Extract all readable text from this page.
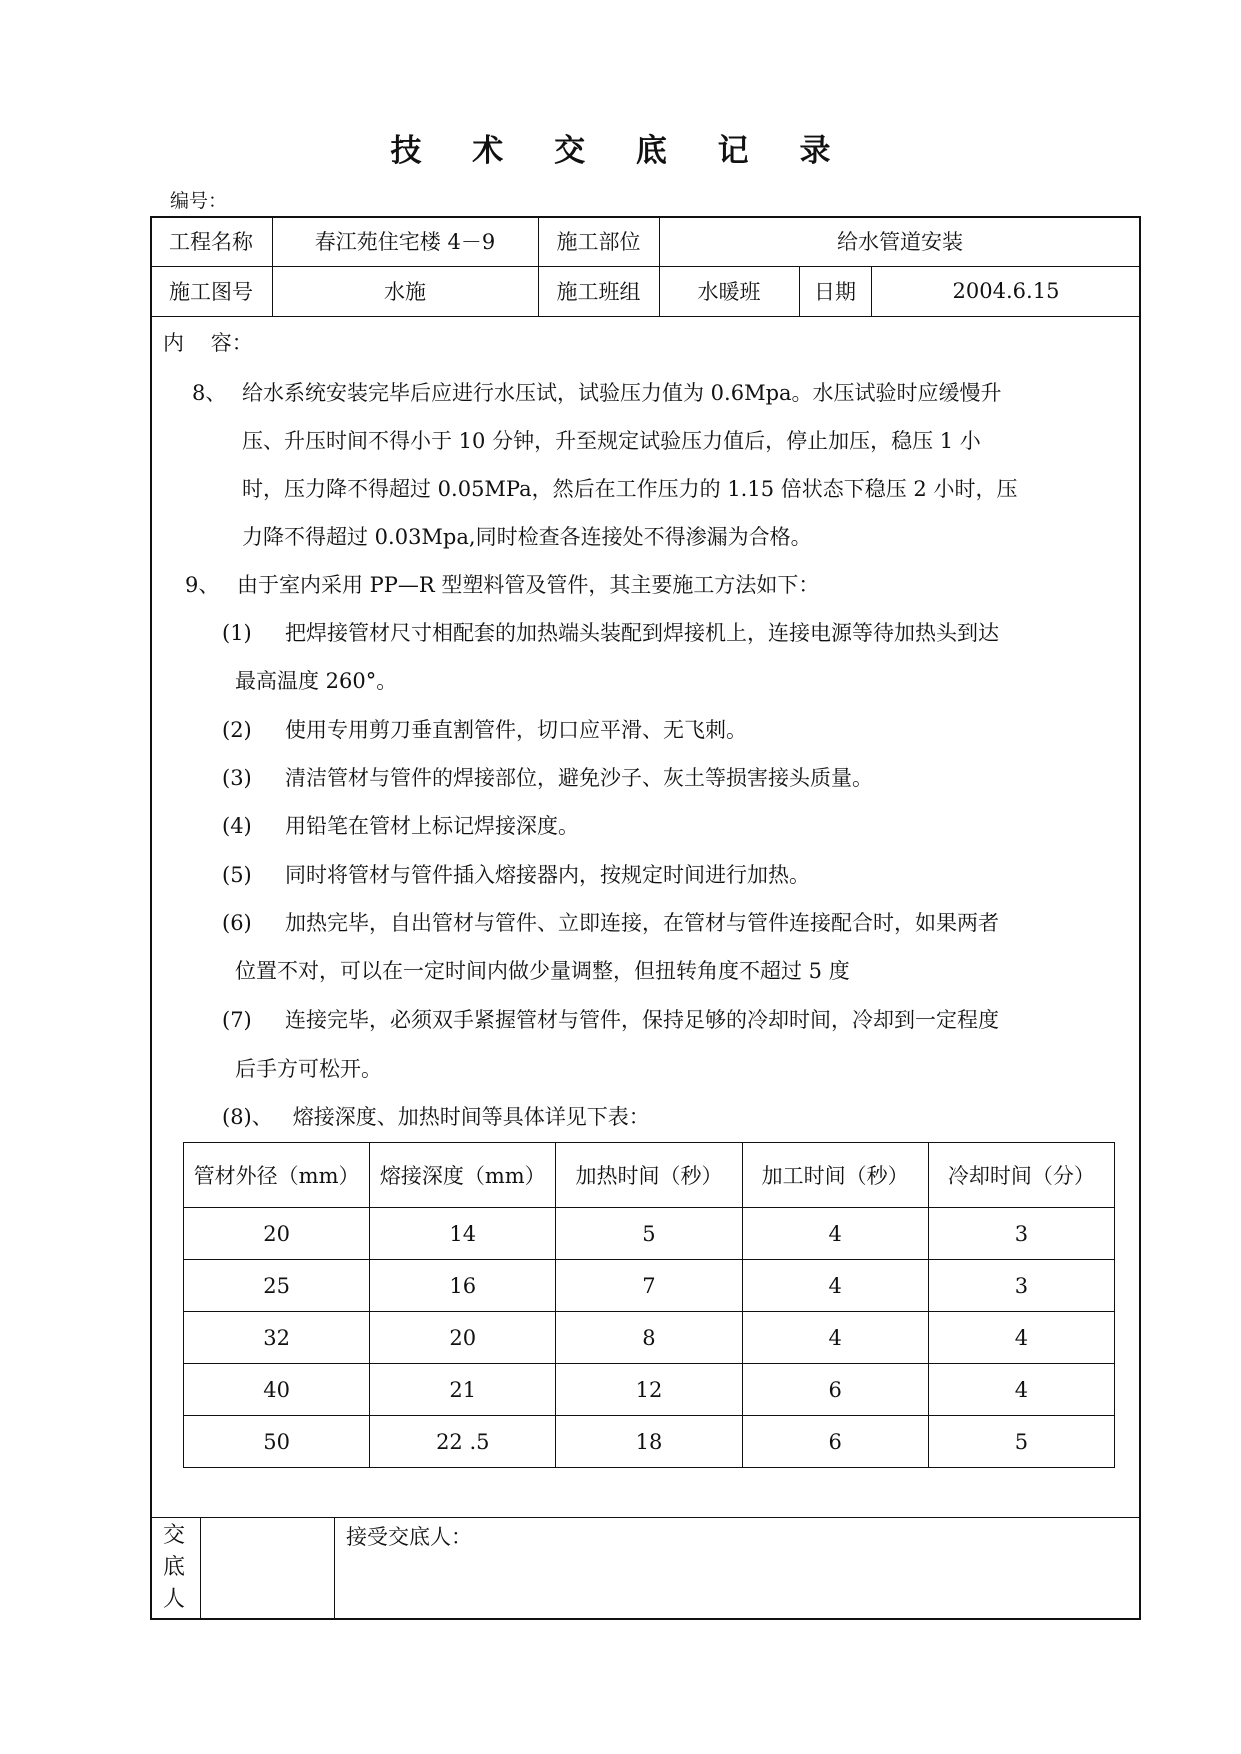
技 术 交 底 记 录
编号：
工程名称	春江苑住宅楼 4－9	施工部位	给水管道安装
施工图号	水施	施工班组	水暖班	日期	2004.6.15
内    容：
8、 给水系统安装完毕后应进行水压试，试验压力值为 0.6Mpa。水压试验时应缓慢升
压、升压时间不得小于 10 分钟，升至规定试验压力值后，停止加压，稳压 1 小
时，压力降不得超过 0.05MPa，然后在工作压力的 1.15 倍状态下稳压 2 小时，压
力降不得超过 0.03Mpa,同时检查各连接处不得渗漏为合格。
9、 由于室内采用 PP—R 型塑料管及管件，其主要施工方法如下：
(1) 把焊接管材尺寸相配套的加热端头装配到焊接机上，连接电源等待加热头到达
最高温度 260°。
(2) 使用专用剪刀垂直割管件，切口应平滑、无飞刺。
(3) 清洁管材与管件的焊接部位，避免沙子、灰土等损害接头质量。
(4) 用铅笔在管材上标记焊接深度。
(5) 同时将管材与管件插入熔接器内，按规定时间进行加热。
(6) 加热完毕，自出管材与管件、立即连接，在管材与管件连接配合时，如果两者
位置不对，可以在一定时间内做少量调整，但扭转角度不超过 5 度
(7) 连接完毕，必须双手紧握管材与管件，保持足够的冷却时间，冷却到一定程度
后手方可松开。
(8)、   熔接深度、加热时间等具体详见下表：
管材外径（mm）	熔接深度（mm）	加热时间（秒）	加工时间（秒）	冷却时间（分）
20	14	5	4	3
25	16	7	4	3
32	20	8	4	4
40	21	12	6	4
50	22 .5	18	6	5
交
底
人
接受交底人：
